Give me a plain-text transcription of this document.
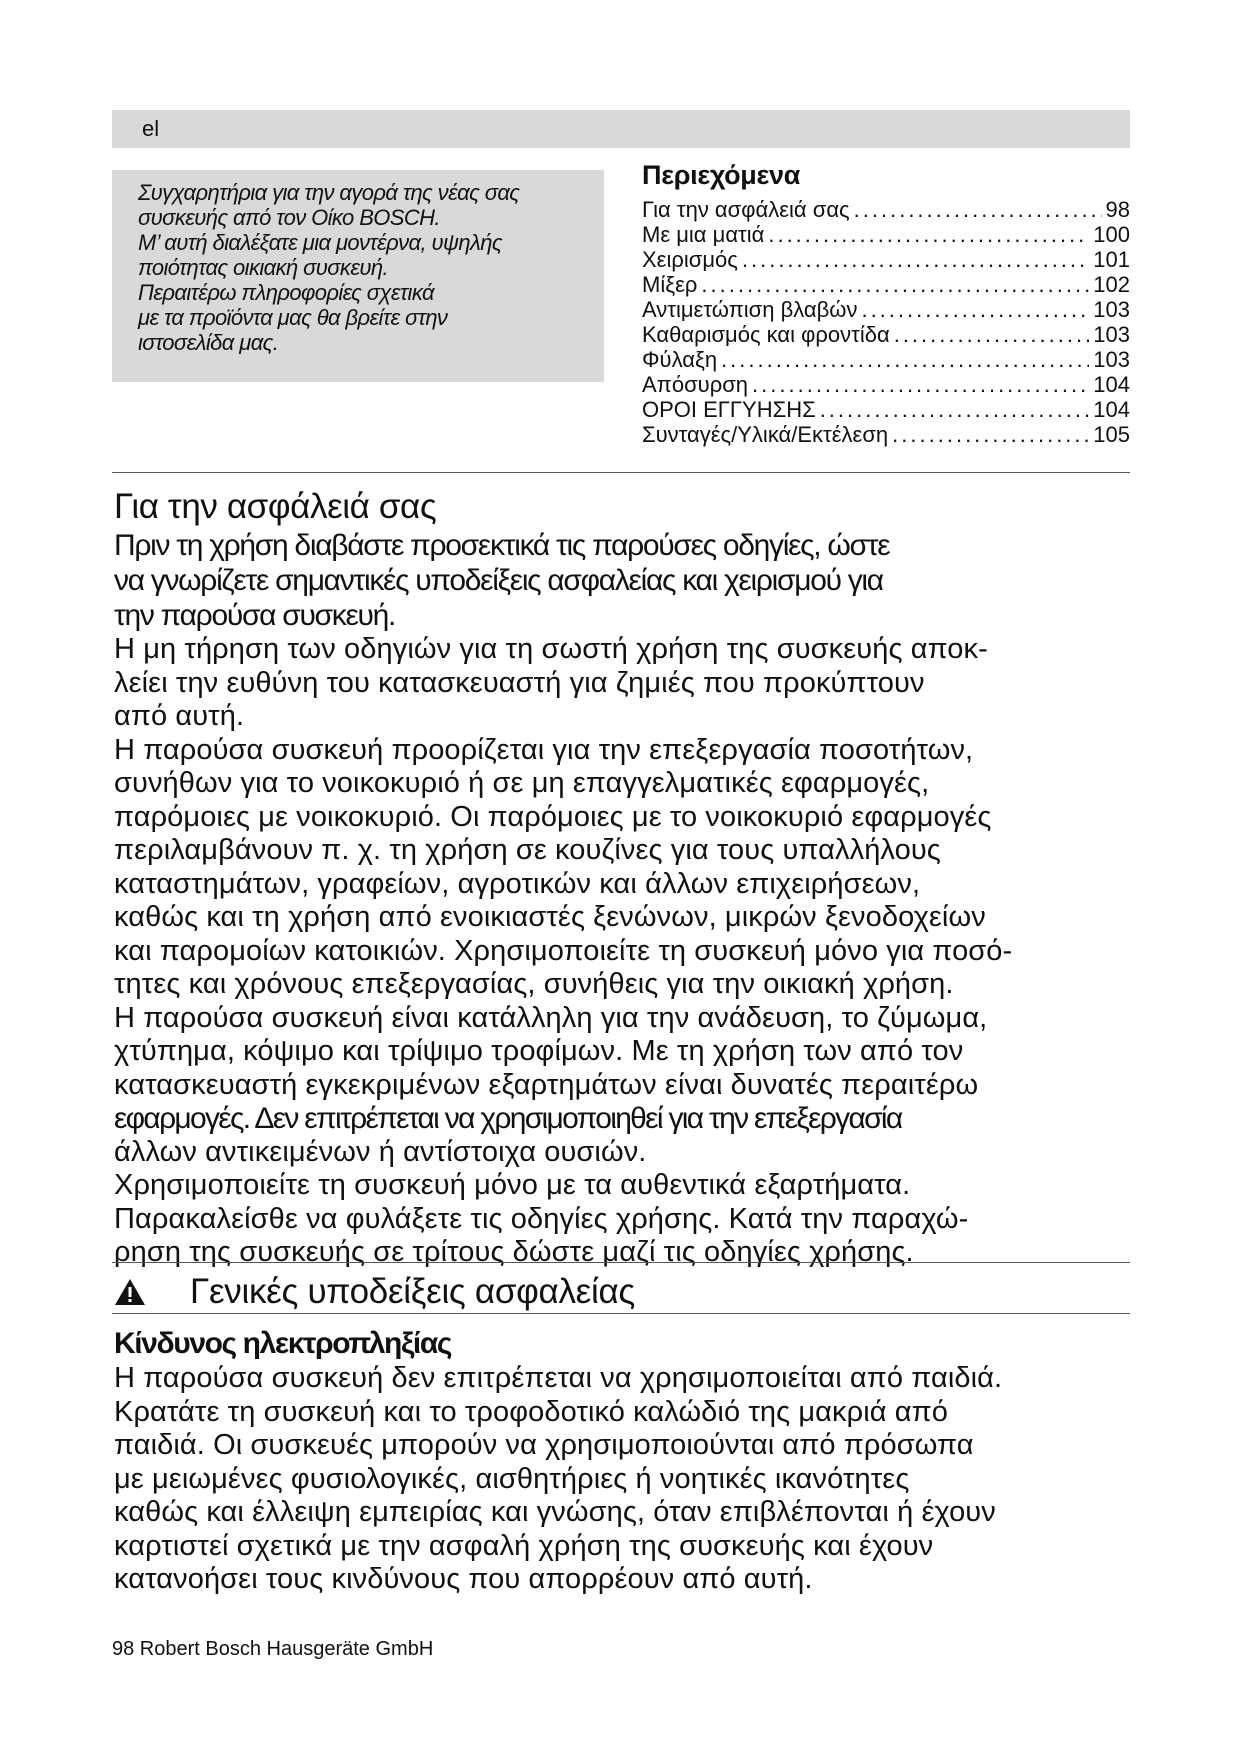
el

Συγχαρητήρια για την αγορά της νέας σας

συσκευής από τον Οίκο BOSCH.

Μ’ αυτή διαλέξατε μια μοντέρνα, υψηλής

ποιότητας οικιακή συσκευή.

Περαιτέρω πληροφορίες σχετικά

με τα προϊόντα μας θα βρείτε στην

ιστοσελίδα μας.

Περιεχόμενα
Για την ασφάλειά σας .....	98
Με μια ματιά .....	100
Χειρισμός .....	101
Μίξερ .....	102
Αντιμετώπιση βλαβών .....	103
Καθαρισμός και φροντίδα .....	103
Φύλαξη .....	103
Απόσυρση .....	104
ΟΡΟΙ ΕΓΓΥΗΣΗΣ .....	104
Συνταγές/Υλικά/Εκτέλεση .....	105
Για την ασφάλειά σας

Πριν τη χρήση διαβάστε προσεκτικά τις παρούσες οδηγίες, ώστε

να γνωρίζετε σημαντικές υποδείξεις ασφαλείας και χειρισμού για

την παρούσα συσκευή.

Η μη τήρηση των οδηγιών για τη σωστή χρήση της συσκευής αποκ-

λείει την ευθύνη του κατασκευαστή για ζημιές που προκύπτουν

από αυτή.

Η παρούσα συσκευή προορίζεται για την επεξεργασία ποσοτήτων,

συνήθων για το νοικοκυριό ή σε μη επαγγελματικές εφαρμογές,

παρόμοιες με νοικοκυριό. Οι παρόμοιες με το νοικοκυριό εφαρμογές

περιλαμβάνουν π. χ. τη χρήση σε κουζίνες για τους υπαλλήλους

καταστημάτων, γραφείων, αγροτικών και άλλων επιχειρήσεων,

καθώς και τη χρήση από ενοικιαστές ξενώνων, μικρών ξενοδοχείων

και παρομοίων κατοικιών. Χρησιμοποιείτε τη συσκευή μόνο για ποσό-

τητες και χρόνους επεξεργασίας, συνήθεις για την οικιακή χρήση.

Η παρούσα συσκευή είναι κατάλληλη για την ανάδευση, το ζύμωμα,

χτύπημα, κόψιμο και τρίψιμο τροφίμων. Με τη χρήση των από τον

κατασκευαστή εγκεκριμένων εξαρτημάτων είναι δυνατές περαιτέρω

εφαρμογές. Δεν επιτρέπεται να χρησιμοποιηθεί για την επεξεργασία

άλλων αντικειμένων ή αντίστοιχα ουσιών.

Χρησιμοποιείτε τη συσκευή μόνο με τα αυθεντικά εξαρτήματα.

Παρακαλείσθε να φυλάξετε τις οδηγίες χρήσης. Κατά την παραχώ-

ρηση της συσκευής σε τρίτους δώστε μαζί τις οδηγίες χρήσης.

Γενικές υποδείξεις ασφαλείας
Κίνδυνος ηλεκτροπληξίας

Η παρούσα συσκευή δεν επιτρέπεται να χρησιμοποιείται από παιδιά.

Κρατάτε τη συσκευή και το τροφοδοτικό καλώδιό της μακριά από

παιδιά. Οι συσκευές μπορούν να χρησιμοποιούνται από πρόσωπα

με μειωμένες φυσιολογικές, αισθητήριες ή νοητικές ικανότητες

καθώς και έλλειψη εμπειρίας και γνώσης, όταν επιβλέπονται ή έχουν

καρτιστεί σχετικά με την ασφαλή χρήση της συσκευής και έχουν

κατανοήσει τους κινδύνους που απορρέουν από αυτή.

98 Robert Bosch Hausgeräte GmbH
